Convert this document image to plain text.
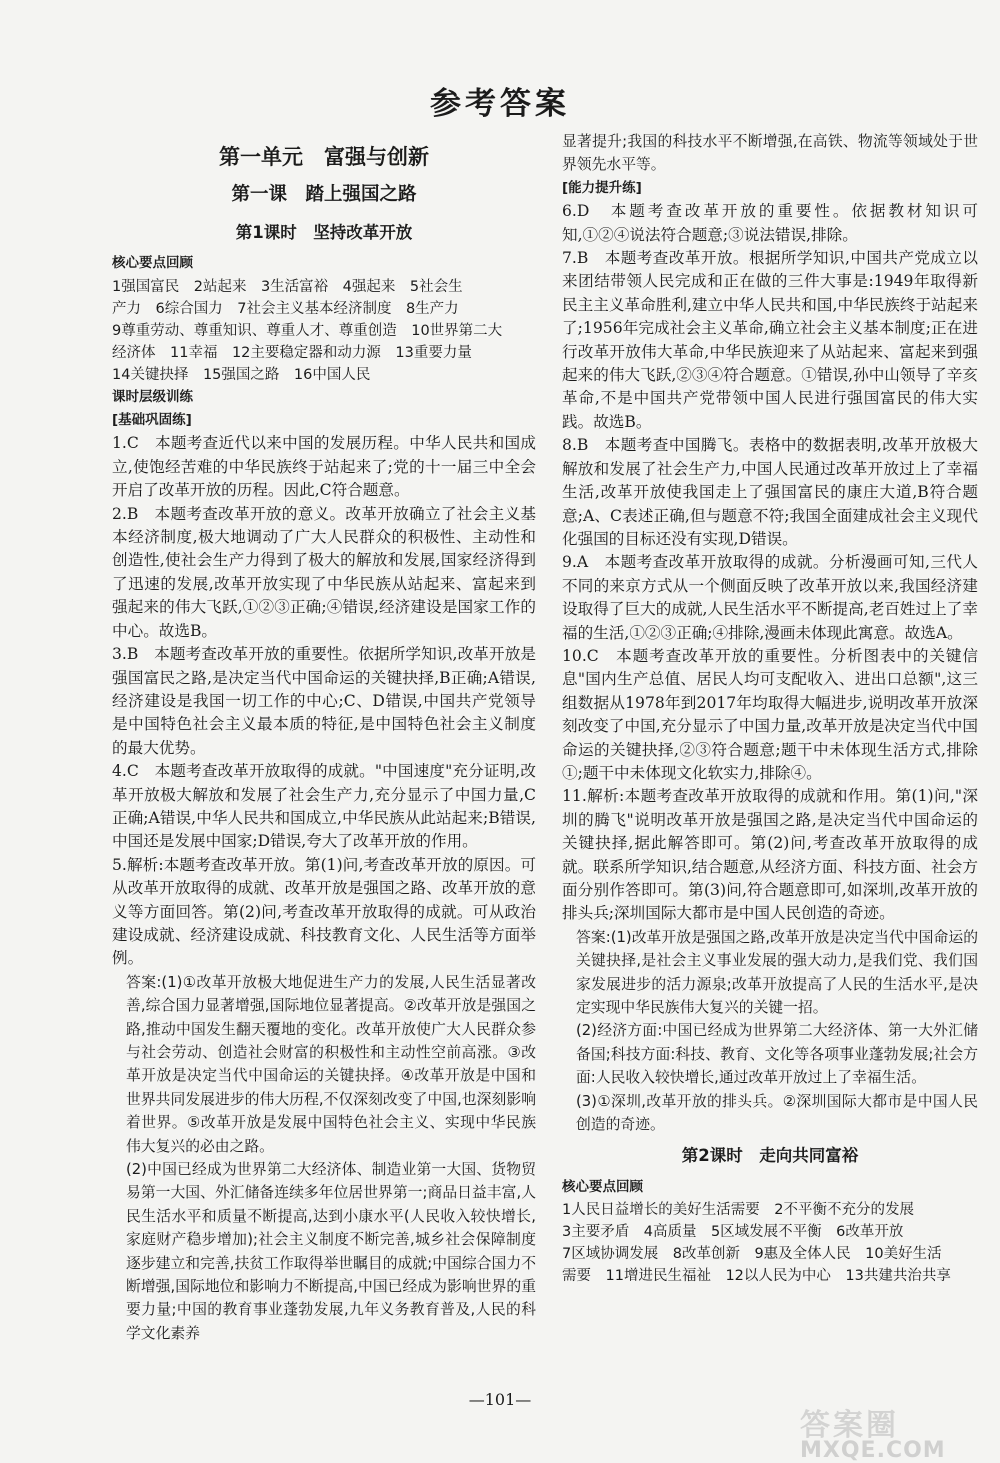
参考答案
第一单元　富强与创新
第一课　踏上强国之路
第1课时　坚持改革开放
核心要点回顾
1强国富民　2站起来　3生活富裕　4强起来　5社会生
产力　6综合国力　7社会主义基本经济制度　8生产力
9尊重劳动、尊重知识、尊重人才、尊重创造　10世界第二大
经济体　11幸福　12主要稳定器和动力源　13重要力量
14关键抉择　15强国之路　16中国人民
课时层级训练
[基础巩固练]

1.C　本题考查近代以来中国的发展历程。中华人民共和国成立,使饱经苦难的中华民族终于站起来了;党的十一届三中全会开启了改革开放的历程。因此,C符合题意。

2.B　本题考查改革开放的意义。改革开放确立了社会主义基本经济制度,极大地调动了广大人民群众的积极性、主动性和创造性,使社会生产力得到了极大的解放和发展,国家经济得到了迅速的发展,改革开放实现了中华民族从站起来、富起来到强起来的伟大飞跃,①②③正确;④错误,经济建设是国家工作的中心。故选B。

3.B　本题考查改革开放的重要性。依据所学知识,改革开放是强国富民之路,是决定当代中国命运的关键抉择,B正确;A错误,经济建设是我国一切工作的中心;C、D错误,中国共产党领导是中国特色社会主义最本质的特征,是中国特色社会主义制度的最大优势。

4.C　本题考查改革开放取得的成就。"中国速度"充分证明,改革开放极大解放和发展了社会生产力,充分显示了中国力量,C正确;A错误,中华人民共和国成立,中华民族从此站起来;B错误,中国还是发展中国家;D错误,夸大了改革开放的作用。

5.解析:本题考查改革开放。第(1)问,考查改革开放的原因。可从改革开放取得的成就、改革开放是强国之路、改革开放的意义等方面回答。第(2)问,考查改革开放取得的成就。可从政治建设成就、经济建设成就、科技教育文化、人民生活等方面举例。

答案:(1)①改革开放极大地促进生产力的发展,人民生活显著改善,综合国力显著增强,国际地位显著提高。②改革开放是强国之路,推动中国发生翻天覆地的变化。改革开放使广大人民群众参与社会劳动、创造社会财富的积极性和主动性空前高涨。③改革开放是决定当代中国命运的关键抉择。④改革开放是中国和世界共同发展进步的伟大历程,不仅深刻改变了中国,也深刻影响着世界。⑤改革开放是发展中国特色社会主义、实现中华民族伟大复兴的必由之路。

(2)中国已经成为世界第二大经济体、制造业第一大国、货物贸易第一大国、外汇储备连续多年位居世界第一;商品日益丰富,人民生活水平和质量不断提高,达到小康水平(人民收入较快增长,家庭财产稳步增加);社会主义制度不断完善,城乡社会保障制度逐步建立和完善,扶贫工作取得举世瞩目的成就;中国综合国力不断增强,国际地位和影响力不断提高,中国已经成为影响世界的重要力量;中国的教育事业蓬勃发展,九年义务教育普及,人民的科学文化素养

显著提升;我国的科技水平不断增强,在高铁、物流等领域处于世界领先水平等。

[能力提升练]

6.D　本题考查改革开放的重要性。依据教材知识可知,①②④说法符合题意;③说法错误,排除。

7.B　本题考查改革开放。根据所学知识,中国共产党成立以来团结带领人民完成和正在做的三件大事是:1949年取得新民主主义革命胜利,建立中华人民共和国,中华民族终于站起来了;1956年完成社会主义革命,确立社会主义基本制度;正在进行改革开放伟大革命,中华民族迎来了从站起来、富起来到强起来的伟大飞跃,②③④符合题意。①错误,孙中山领导了辛亥革命,不是中国共产党带领中国人民进行强国富民的伟大实践。故选B。

8.B　本题考查中国腾飞。表格中的数据表明,改革开放极大解放和发展了社会生产力,中国人民通过改革开放过上了幸福生活,改革开放使我国走上了强国富民的康庄大道,B符合题意;A、C表述正确,但与题意不符;我国全面建成社会主义现代化强国的目标还没有实现,D错误。

9.A　本题考查改革开放取得的成就。分析漫画可知,三代人不同的来京方式从一个侧面反映了改革开放以来,我国经济建设取得了巨大的成就,人民生活水平不断提高,老百姓过上了幸福的生活,①②③正确;④排除,漫画未体现此寓意。故选A。

10.C　本题考查改革开放的重要性。分析图表中的关键信息"国内生产总值、居民人均可支配收入、进出口总额",这三组数据从1978年到2017年均取得大幅进步,说明改革开放深刻改变了中国,充分显示了中国力量,改革开放是决定当代中国命运的关键抉择,②③符合题意;题干中未体现生活方式,排除①;题干中未体现文化软实力,排除④。

11.解析:本题考查改革开放取得的成就和作用。第(1)问,"深圳的腾飞"说明改革开放是强国之路,是决定当代中国命运的关键抉择,据此解答即可。第(2)问,考查改革开放取得的成就。联系所学知识,结合题意,从经济方面、科技方面、社会方面分别作答即可。第(3)问,符合题意即可,如深圳,改革开放的排头兵;深圳国际大都市是中国人民创造的奇迹。

答案:(1)改革开放是强国之路,改革开放是决定当代中国命运的关键抉择,是社会主义事业发展的强大动力,是我们党、我们国家发展进步的活力源泉;改革开放提高了人民的生活水平,是决定实现中华民族伟大复兴的关键一招。

(2)经济方面:中国已经成为世界第二大经济体、第一大外汇储备国;科技方面:科技、教育、文化等各项事业蓬勃发展;社会方面:人民收入较快增长,通过改革开放过上了幸福生活。

(3)①深圳,改革开放的排头兵。②深圳国际大都市是中国人民创造的奇迹。

第2课时　走向共同富裕
核心要点回顾
1人民日益增长的美好生活需要　2不平衡不充分的发展
3主要矛盾　4高质量　5区域发展不平衡　6改革开放
7区域协调发展　8改革创新　9惠及全体人民　10美好生活
需要　11增进民生福祉　12以人民为中心　13共建共治共享
—101—
答案圈
MXQE.COM
